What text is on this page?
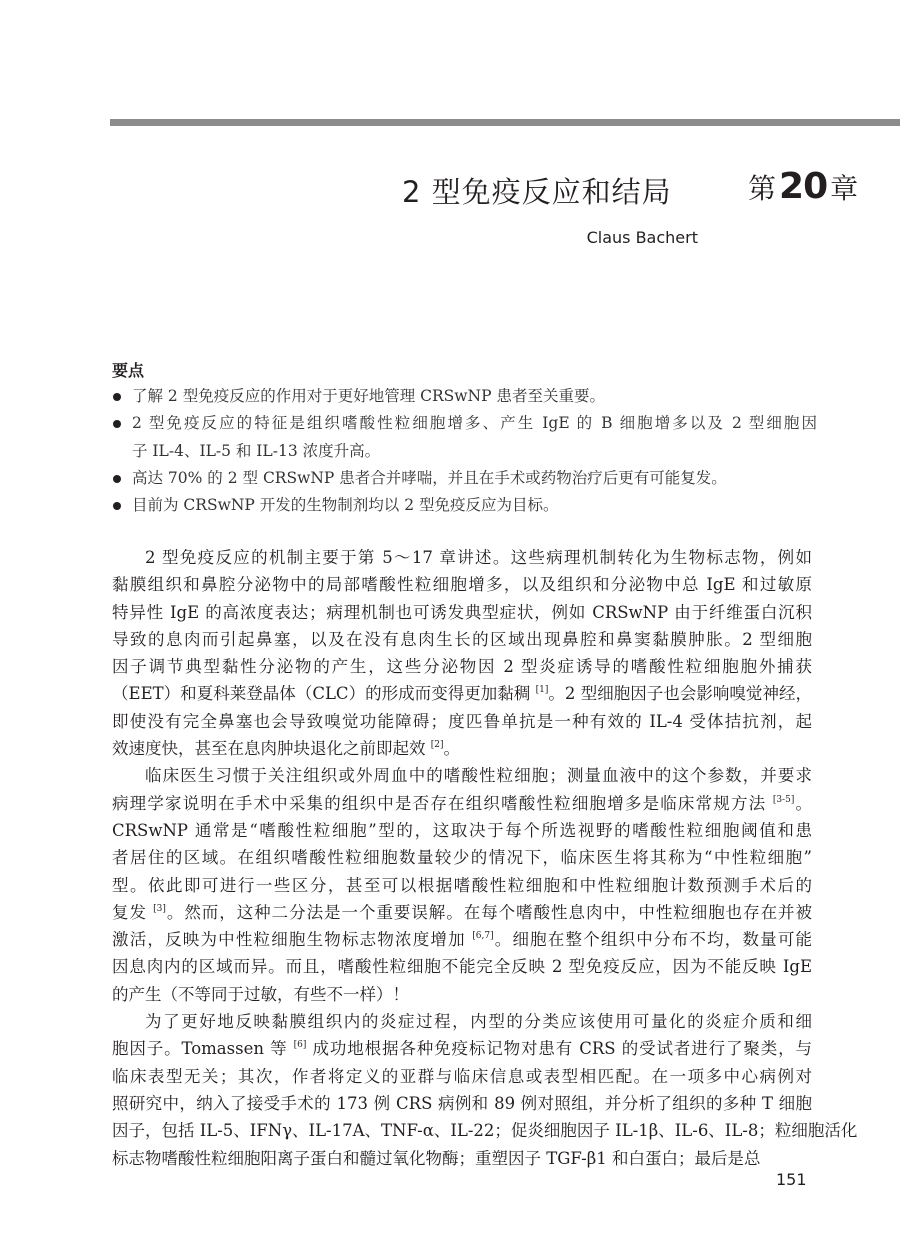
2 型免疫反应和结局	第20 章
Claus Bachert
要点
了解 2 型免疫反应的作用对于更好地管理 CRSwNP 患者至关重要。
2 型免疫反应的特征是组织嗜酸性粒细胞增多、产生 IgE 的 B 细胞增多以及 2 型细胞因
子 IL-4、IL-5 和 IL-13 浓度升高。
高达 70% 的 2 型 CRSwNP 患者合并哮喘，并且在手术或药物治疗后更有可能复发。
目前为 CRSwNP 开发的生物制剂均以 2 型免疫反应为目标。
2 型免疫反应的机制主要于第 5～17 章讲述。这些病理机制转化为生物标志物，例如
黏膜组织和鼻腔分泌物中的局部嗜酸性粒细胞增多，以及组织和分泌物中总 IgE 和过敏原
特异性 IgE 的高浓度表达；病理机制也可诱发典型症状，例如 CRSwNP 由于纤维蛋白沉积
导致的息肉而引起鼻塞，以及在没有息肉生长的区域出现鼻腔和鼻窦黏膜肿胀。2 型细胞
因子调节典型黏性分泌物的产生，这些分泌物因 2 型炎症诱导的嗜酸性粒细胞胞外捕获
（EET）和夏科莱登晶体（CLC）的形成而变得更加黏稠 [1]。2 型细胞因子也会影响嗅觉神经，
即使没有完全鼻塞也会导致嗅觉功能障碍；度匹鲁单抗是一种有效的 IL-4 受体拮抗剂，起
效速度快，甚至在息肉肿块退化之前即起效 [2]。
临床医生习惯于关注组织或外周血中的嗜酸性粒细胞；测量血液中的这个参数，并要求
病理学家说明在手术中采集的组织中是否存在组织嗜酸性粒细胞增多是临床常规方法 [3-5]。
CRSwNP 通常是“嗜酸性粒细胞”型的，这取决于每个所选视野的嗜酸性粒细胞阈值和患
者居住的区域。在组织嗜酸性粒细胞数量较少的情况下，临床医生将其称为“中性粒细胞”
型。依此即可进行一些区分，甚至可以根据嗜酸性粒细胞和中性粒细胞计数预测手术后的
复发 [3]。然而，这种二分法是一个重要误解。在每个嗜酸性息肉中，中性粒细胞也存在并被
激活，反映为中性粒细胞生物标志物浓度增加 [6,7]。细胞在整个组织中分布不均，数量可能
因息肉内的区域而异。而且，嗜酸性粒细胞不能完全反映 2 型免疫反应，因为不能反映 IgE
的产生（不等同于过敏，有些不一样）！
为了更好地反映黏膜组织内的炎症过程，内型的分类应该使用可量化的炎症介质和细
胞因子。Tomassen 等 [6] 成功地根据各种免疫标记物对患有 CRS 的受试者进行了聚类，与
临床表型无关；其次，作者将定义的亚群与临床信息或表型相匹配。在一项多中心病例对
照研究中，纳入了接受手术的 173 例 CRS 病例和 89 例对照组，并分析了组织的多种 T 细胞
因子，包括 IL-5、IFNγ、IL-17A、TNF-α、IL-22；促炎细胞因子 IL-1β、IL-6、IL-8；粒细胞活化
标志物嗜酸性粒细胞阳离子蛋白和髓过氧化物酶；重塑因子 TGF-β1 和白蛋白；最后是总
151
